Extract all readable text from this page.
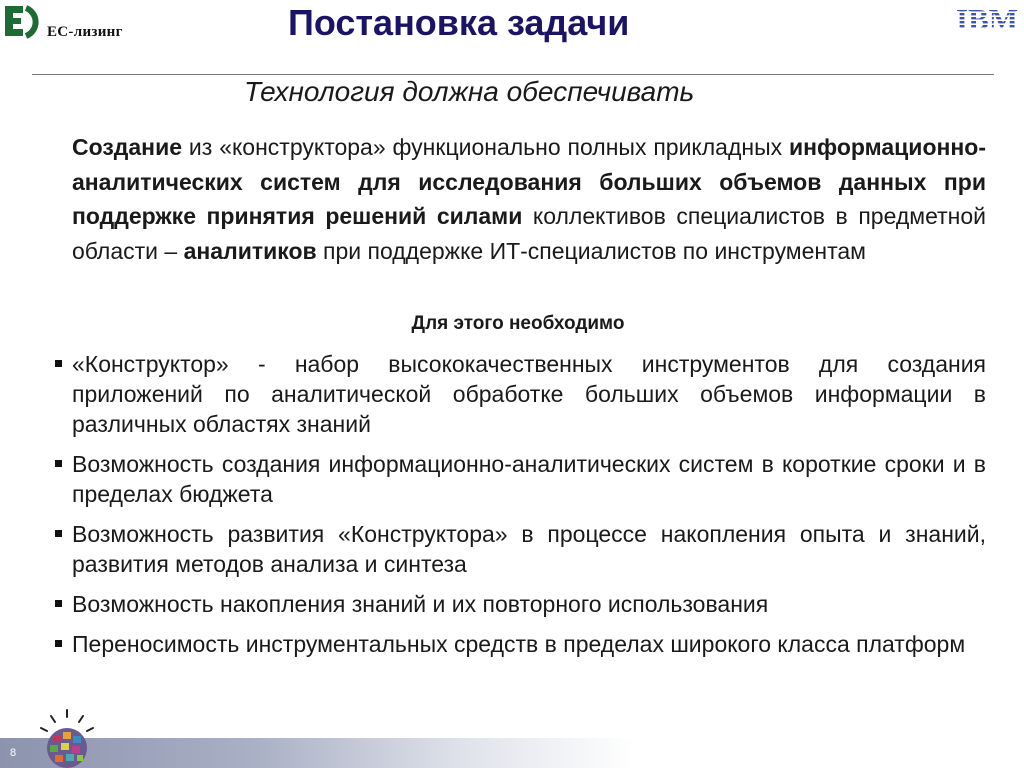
ЕС-лизинг	Постановка задачи	IBM
Технология должна обеспечивать

Создание из «конструктора» функционально полных прикладных информационно-аналитических систем для исследования больших объемов данных при поддержке принятия решений силами коллективов специалистов в предметной области – аналитиков при поддержке ИТ-специалистов по инструментам

Для этого необходимо
«Конструктор» - набор высококачественных инструментов для создания приложений по аналитической обработке больших объемов информации в различных областях знаний
Возможность создания информационно-аналитических систем в короткие сроки и в пределах бюджета
Возможность развития «Конструктора» в процессе накопления опыта и знаний, развития методов анализа и синтеза
Возможность накопления знаний и их повторного использования
Переносимость инструментальных средств в пределах широкого класса платформ
8
